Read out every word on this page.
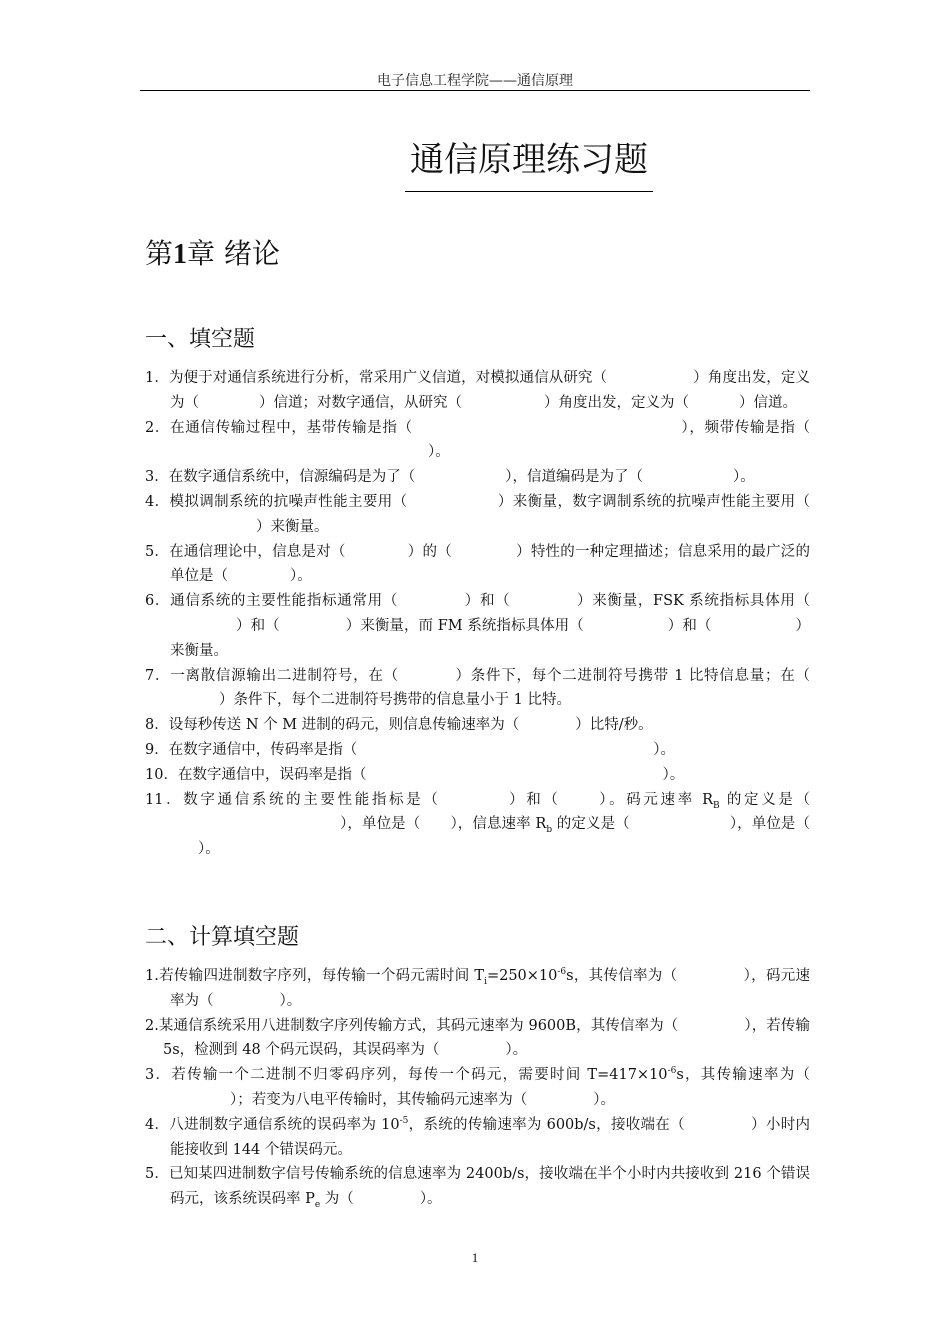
电子信息工程学院——通信原理
通信原理练习题
第1章 绪论
一、填空题

1．为便于对通信系统进行分析，常采用广义信道，对模拟通信从研究（	）角度出发，定义为（	）信道；对数字通信，从研究（	）角度出发，定义为（	）信道。

2．在通信传输过程中，基带传输是指（	），频带传输是指（）。

3．在数字通信系统中，信源编码是为了（	），信道编码是为了（	）。

4．模拟调制系统的抗噪声性能主要用（	）来衡量，数字调制系统的抗噪声性能主要用（）来衡量。

5．在通信理论中，信息是对（	）的（	）特性的一种定理描述；信息采用的最广泛的单位是（	）。

6．通信系统的主要性能指标通常用（	）和（	）来衡量，FSK 系统指标具体用（）和（	）来衡量，而 FM 系统指标具体用（	）和（	）来衡量。

7．一离散信源输出二进制符号，在（	）条件下，每个二进制符号携带 1 比特信息量；在（）条件下，每个二进制符号携带的信息量小于 1 比特。

8．设每秒传送 N 个 M 进制的码元，则信息传输速率为（	）比特/秒。

9．在数字通信中，传码率是指（	）。

10．在数字通信中，误码率是指（	）。

11．数字通信系统的主要性能指标是（	）和（ ）。码元速率 $R_B$ 的定义是（），单位是（ ），信息速率 $R_b$ 的定义是（	），单位是（）。

二、计算填空题

1.若传输四进制数字序列，每传输一个码元需时间 $T_i=250\times 10^{-6}s$，其传信率为（	），码元速率为（	）。

2.某通信系统采用八进制数字序列传输方式，其码元速率为 9600B，其传信率为（	），若传输 5s，检测到 48 个码元误码，其误码率为（	）。

3．若传输一个二进制不归零码序列，每传一个码元，需要时间 $T=417\times 10^{-6}s$，其传输速率为（）；若变为八电平传输时，其传输码元速率为（	）。

4．八进制数字通信系统的误码率为 $10^{-5}$，系统的传输速率为 600b/s，接收端在（	）小时内能接收到 144 个错误码元。

5．已知某四进制数字信号传输系统的信息速率为 2400b/s，接收端在半个小时内共接收到 216 个错误码元，该系统误码率 $P_e$ 为（	）。

1
